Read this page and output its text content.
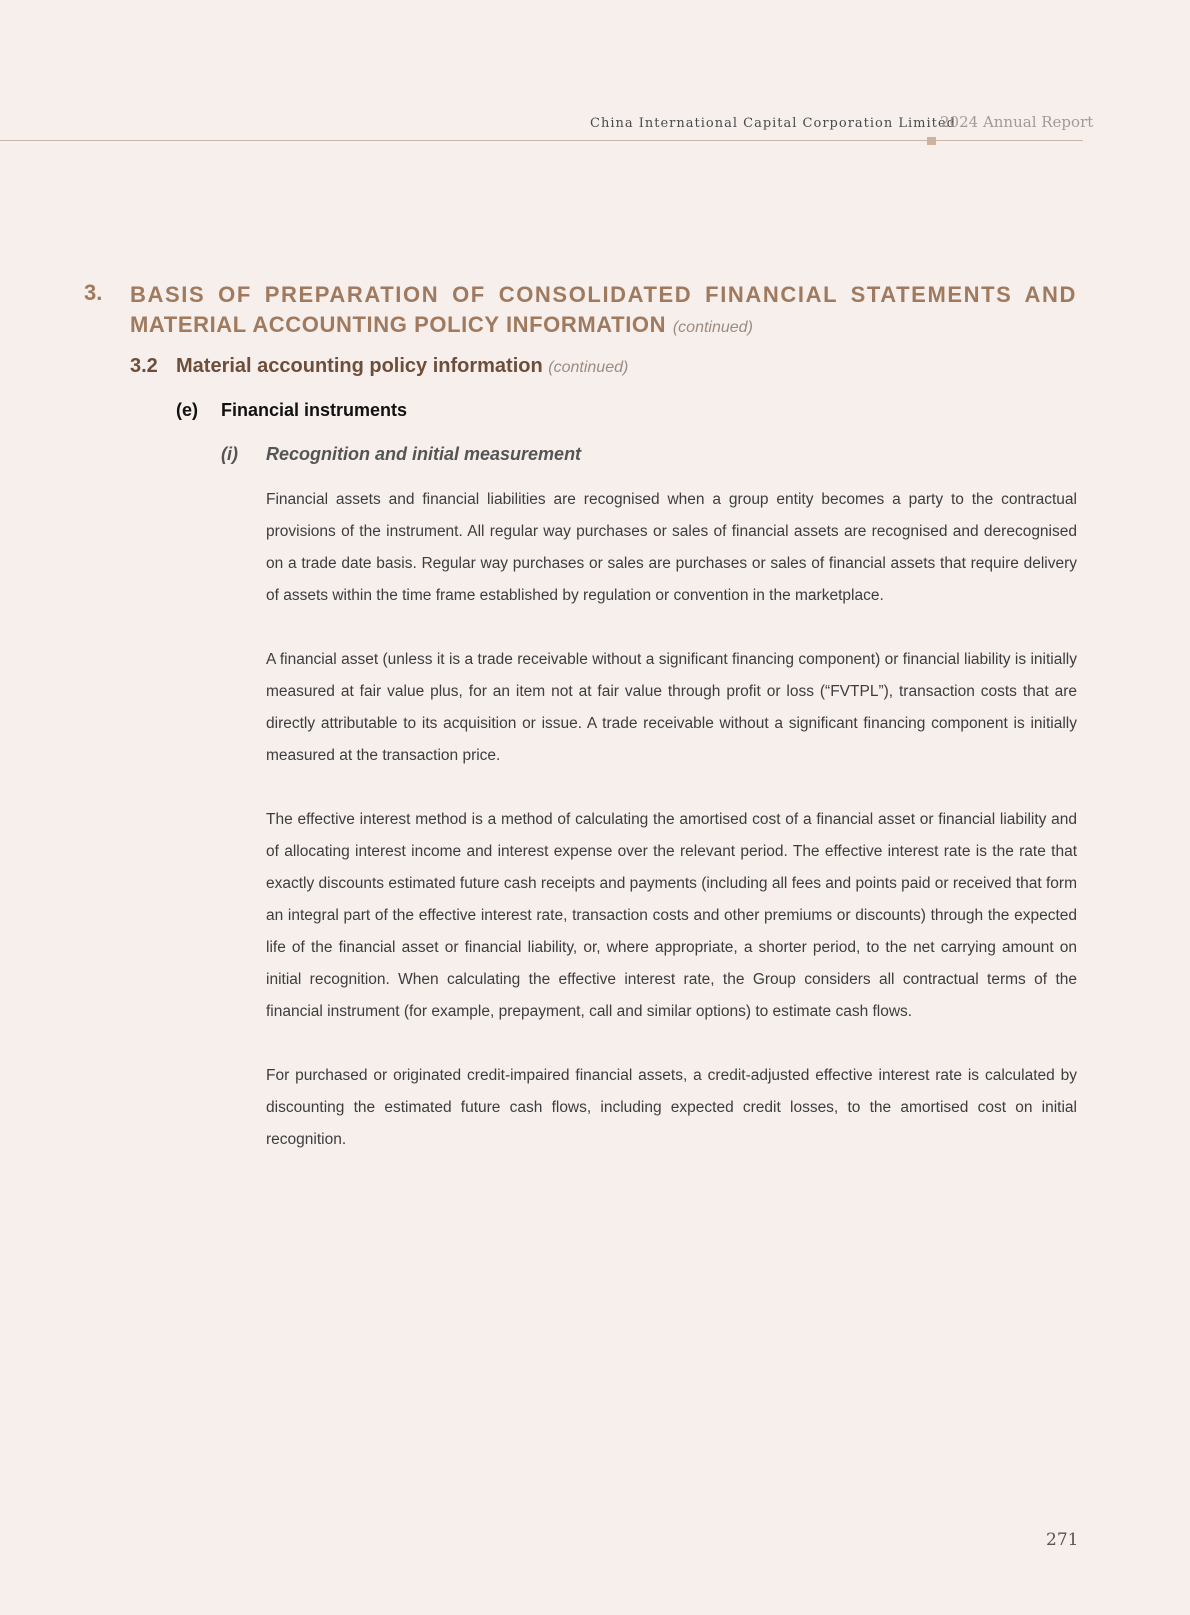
China International Capital Corporation Limited
2024 Annual Report
3. BASIS OF PREPARATION OF CONSOLIDATED FINANCIAL STATEMENTS AND
MATERIAL ACCOUNTING POLICY INFORMATION (continued)
3.2 Material accounting policy information (continued)
(e) Financial instruments
(i) Recognition and initial measurement

Financial assets and financial liabilities are recognised when a group entity becomes a party to the contractual provisions of the instrument. All regular way purchases or sales of financial assets are recognised and derecognised on a trade date basis. Regular way purchases or sales are purchases or sales of financial assets that require delivery of assets within the time frame established by regulation or convention in the marketplace.

A financial asset (unless it is a trade receivable without a significant financing component) or financial liability is initially measured at fair value plus, for an item not at fair value through profit or loss (“FVTPL”), transaction costs that are directly attributable to its acquisition or issue. A trade receivable without a significant financing component is initially measured at the transaction price.

The effective interest method is a method of calculating the amortised cost of a financial asset or financial liability and of allocating interest income and interest expense over the relevant period. The effective interest rate is the rate that exactly discounts estimated future cash receipts and payments (including all fees and points paid or received that form an integral part of the effective interest rate, transaction costs and other premiums or discounts) through the expected life of the financial asset or financial liability, or, where appropriate, a shorter period, to the net carrying amount on initial recognition. When calculating the effective interest rate, the Group considers all contractual terms of the financial instrument (for example, prepayment, call and similar options) to estimate cash flows.

For purchased or originated credit-impaired financial assets, a credit-adjusted effective interest rate is calculated by discounting the estimated future cash flows, including expected credit losses, to the amortised cost on initial recognition.

271
